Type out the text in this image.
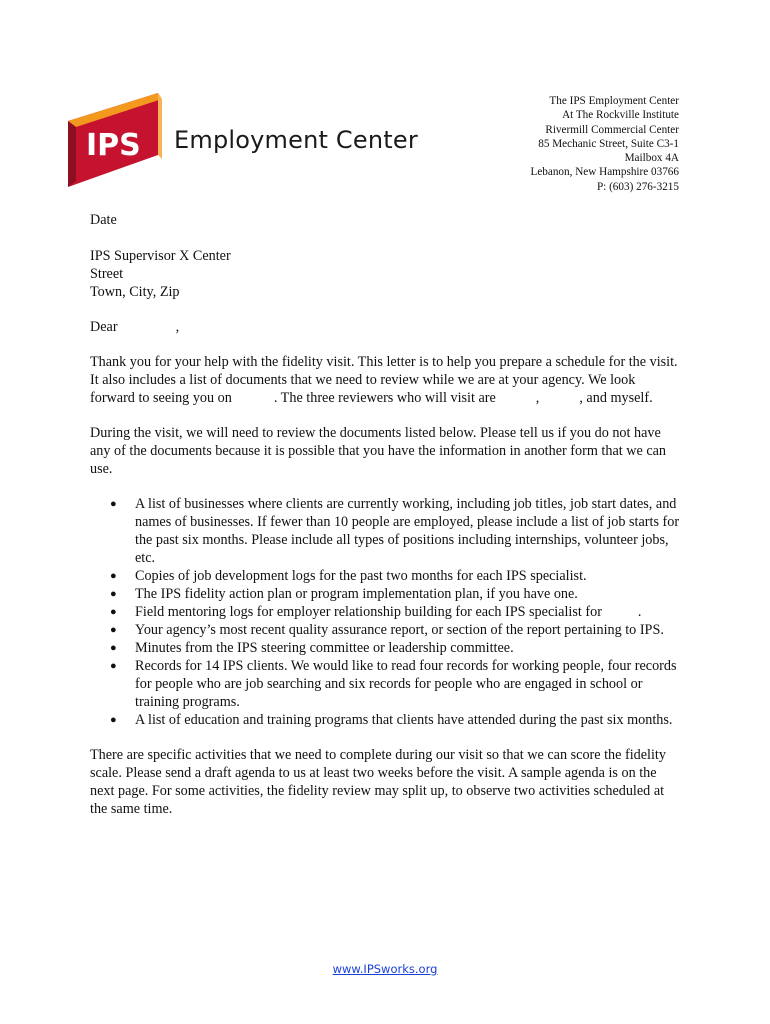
IPS Employment Center
The IPS Employment Center
At The Rockville Institute
Rivermill Commercial Center
85 Mechanic Street, Suite C3-1
Mailbox 4A
Lebanon, New Hampshire 03766
P: (603) 276-3215

Date

IPS Supervisor X Center

Street

Town, City, Zip

Dear	,

Thank you for your help with the fidelity visit. This letter is to help you prepare a schedule for the visit. It also includes a list of documents that we need to review while we are at your agency. We look forward to seeing you on	. The three reviewers who will visit are	,	, and myself.

During the visit, we will need to review the documents listed below. Please tell us if you do not have any of the documents because it is possible that you have the information in another form that we can use.

● A list of businesses where clients are currently working, including job titles, job start dates, and names of businesses. If fewer than 10 people are employed, please include a list of job starts for the past six months. Please include all types of positions including internships, volunteer jobs, etc.
● Copies of job development logs for the past two months for each IPS specialist.
● The IPS fidelity action plan or program implementation plan, if you have one.
● Field mentoring logs for employer relationship building for each IPS specialist for	.
● Your agency’s most recent quality assurance report, or section of the report pertaining to IPS.
● Minutes from the IPS steering committee or leadership committee.
● Records for 14 IPS clients. We would like to read four records for working people, four records for people who are job searching and six records for people who are engaged in school or training programs.
● A list of education and training programs that clients have attended during the past six months.

There are specific activities that we need to complete during our visit so that we can score the fidelity scale. Please send a draft agenda to us at least two weeks before the visit. A sample agenda is on the next page. For some activities, the fidelity review may split up, to observe two activities scheduled at the same time.

www.IPSworks.org
